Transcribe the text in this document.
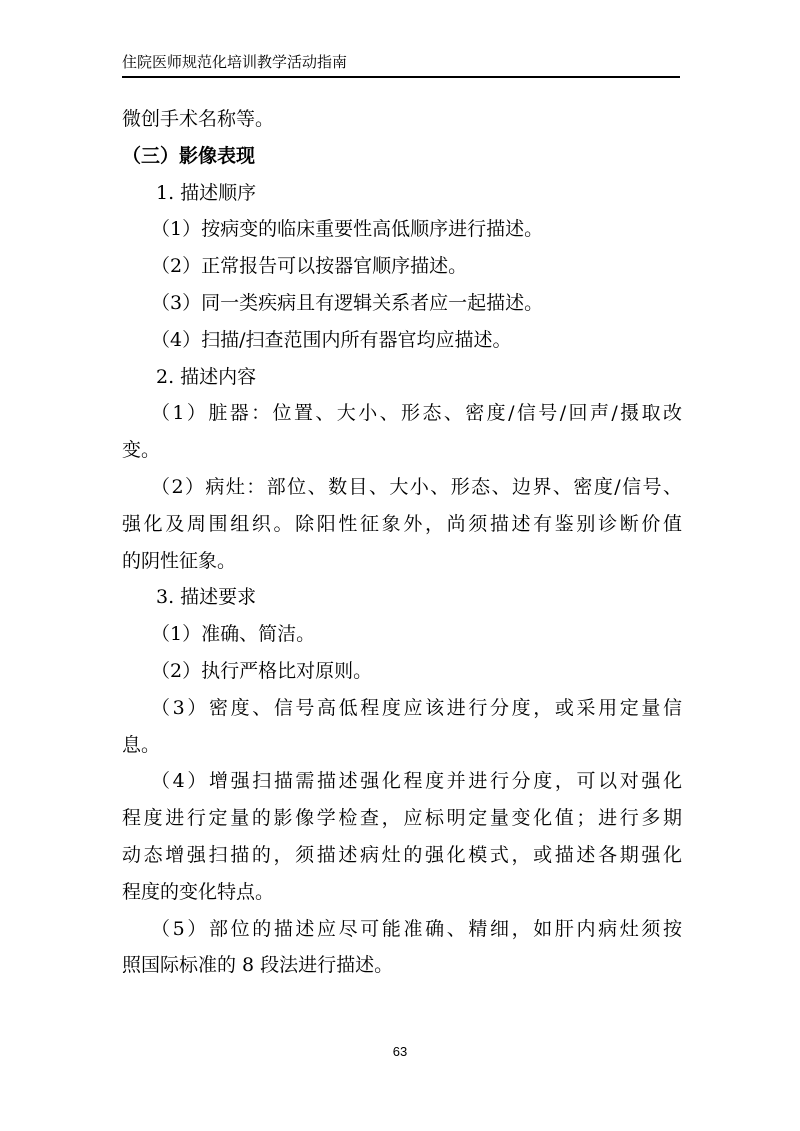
住院医师规范化培训教学活动指南
微创手术名称等。
（三）影像表现
1. 描述顺序
（1）按病变的临床重要性高低顺序进行描述。
（2）正常报告可以按器官顺序描述。
（3）同一类疾病且有逻辑关系者应一起描述。
（4）扫描/扫查范围内所有器官均应描述。
2. 描述内容
（1）脏器：位置、大小、形态、密度/信号/回声/摄取改
变。
（2）病灶：部位、数目、大小、形态、边界、密度/信号、
强化及周围组织。除阳性征象外，尚须描述有鉴别诊断价值
的阴性征象。
3. 描述要求
（1）准确、简洁。
（2）执行严格比对原则。
（3）密度、信号高低程度应该进行分度，或采用定量信
息。
（4）增强扫描需描述强化程度并进行分度，可以对强化
程度进行定量的影像学检查，应标明定量变化值；进行多期
动态增强扫描的，须描述病灶的强化模式，或描述各期强化
程度的变化特点。
（5）部位的描述应尽可能准确、精细，如肝内病灶须按
照国际标准的 8 段法进行描述。
63
